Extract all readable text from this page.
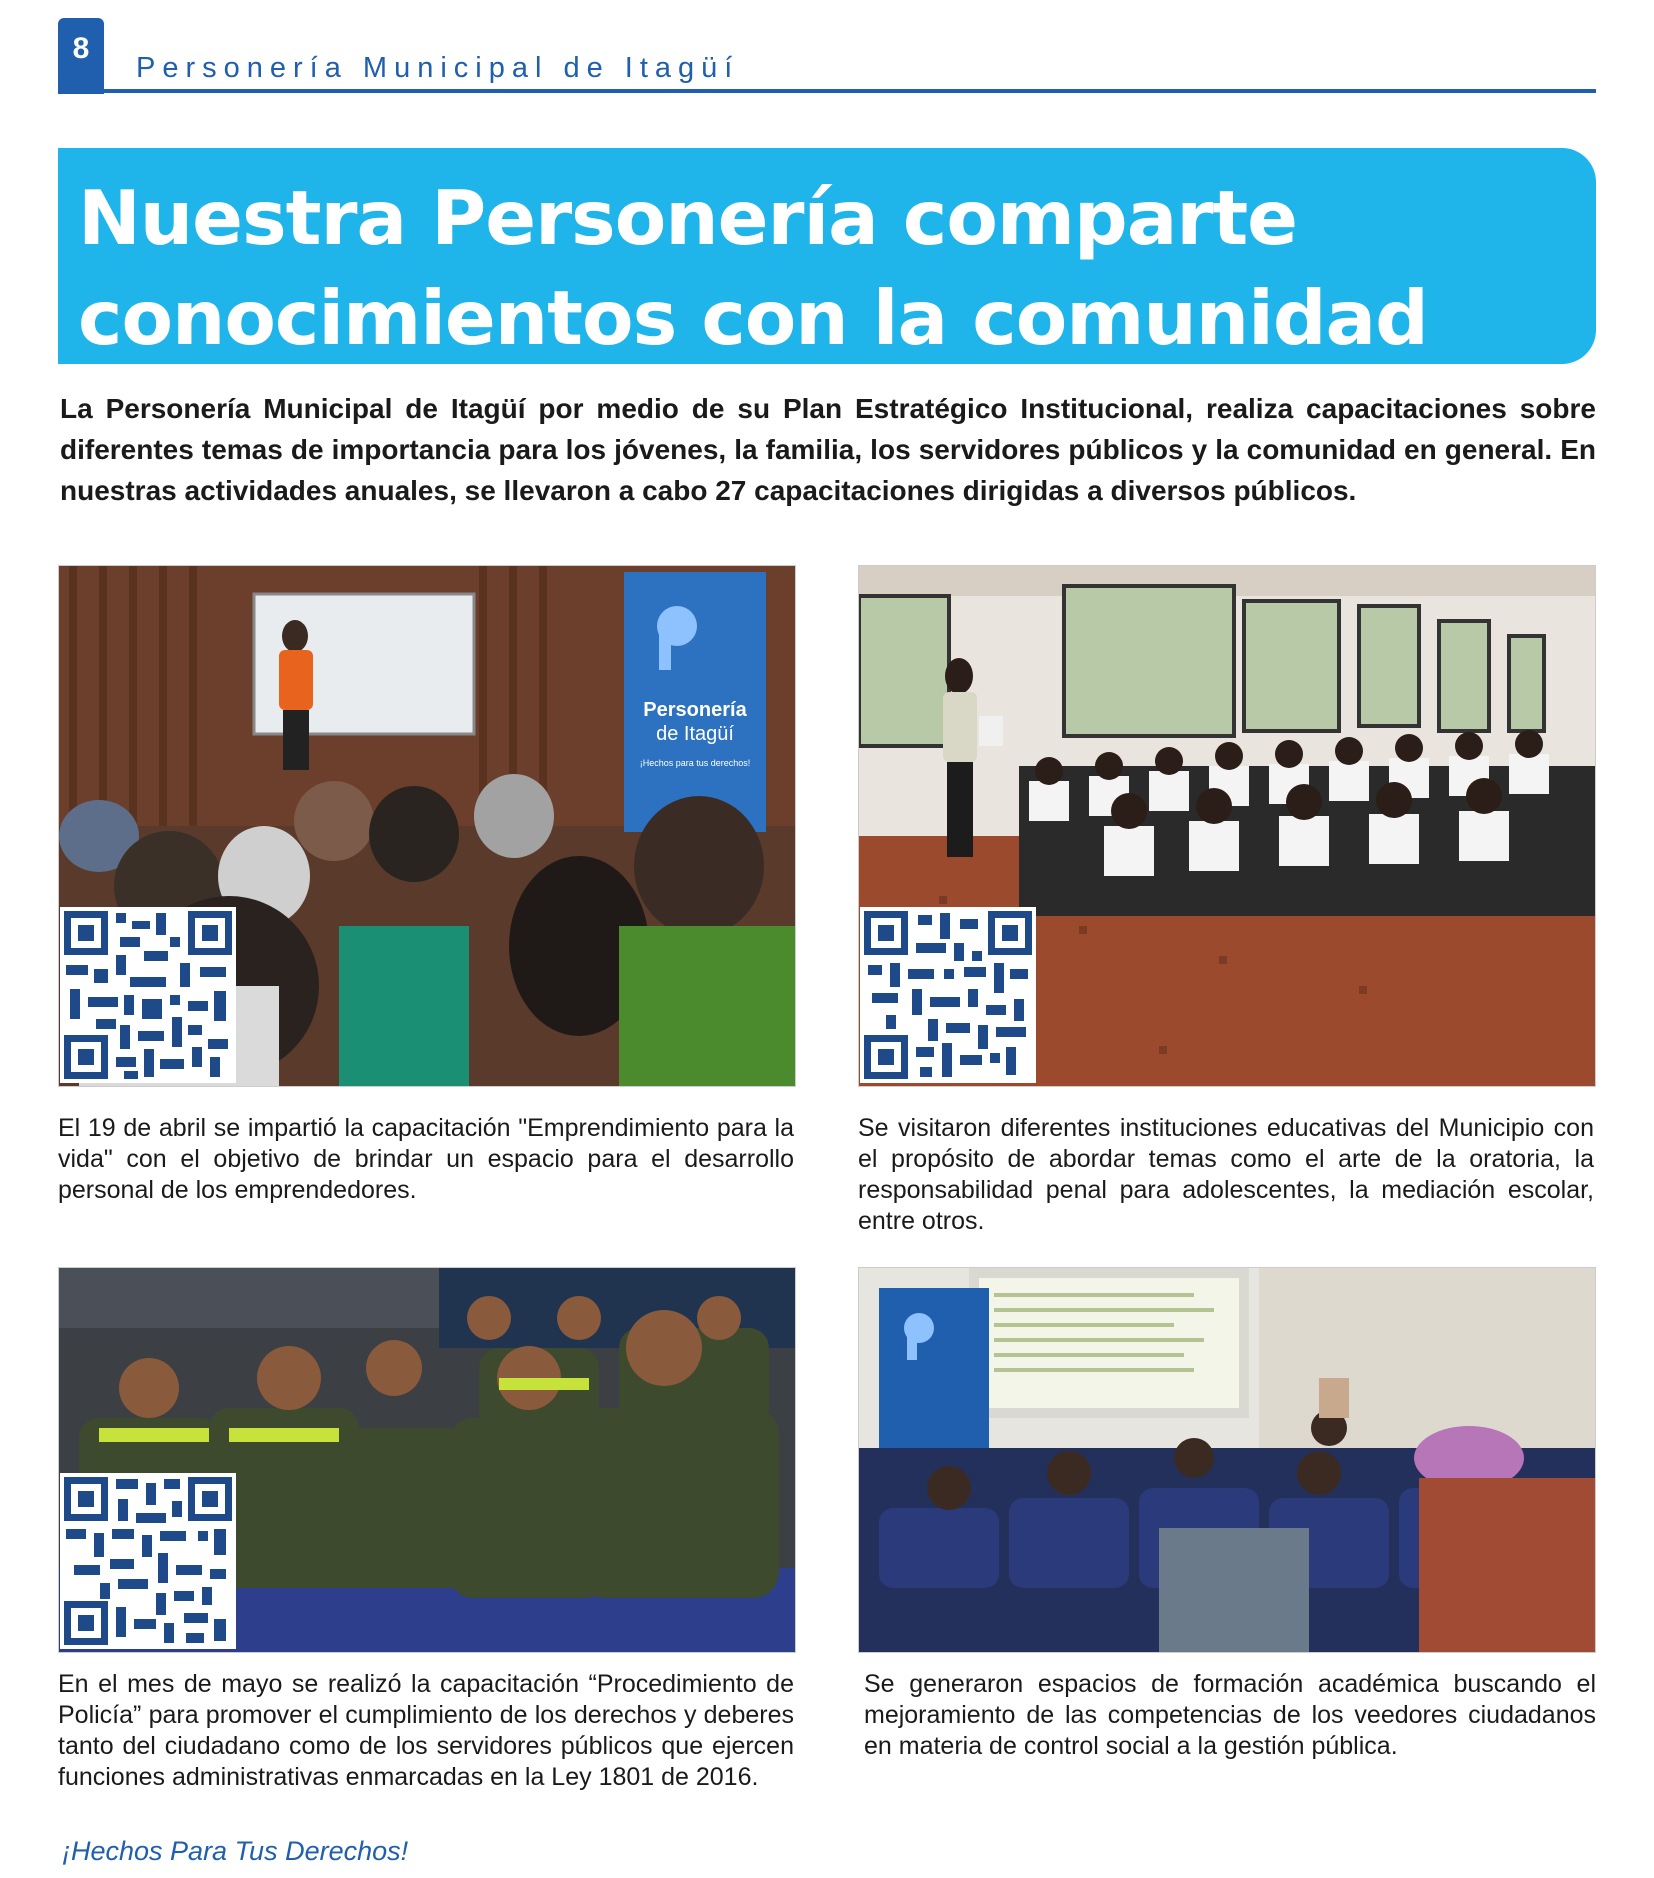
8
Personería Municipal de Itagüí
Nuestra Personería comparte
conocimientos con la comunidad
La Personería Municipal de Itagüí por medio de su Plan Estratégico Institucional, realiza capacitaciones sobre diferentes temas de importancia para los jóvenes, la familia, los servidores públicos y la comunidad en general. En nuestras actividades anuales, se llevaron a cabo 27 capacitaciones dirigidas a diversos públicos.
Personería
de Itagüí
¡Hechos para tus derechos!
El 19 de abril se impartió la capacitación "Emprendimiento para la vida" con el objetivo de brindar un espacio para el desarrollo personal de los emprendedores.
Se visitaron diferentes instituciones educativas del Municipio con el propósito de abordar temas como el arte de la oratoria, la responsabilidad penal para adolescentes, la mediación escolar, entre otros.
En el mes de mayo se realizó la capacitación “Procedimiento de Policía” para promover el cumplimiento de los derechos y deberes tanto del ciudadano como de los servidores públicos que ejercen funciones administrativas enmarcadas en la Ley 1801 de 2016.
Se generaron espacios de formación académica buscando el mejoramiento de las competencias de los veedores ciudadanos en materia de control social a la gestión pública.
¡Hechos Para Tus Derechos!
